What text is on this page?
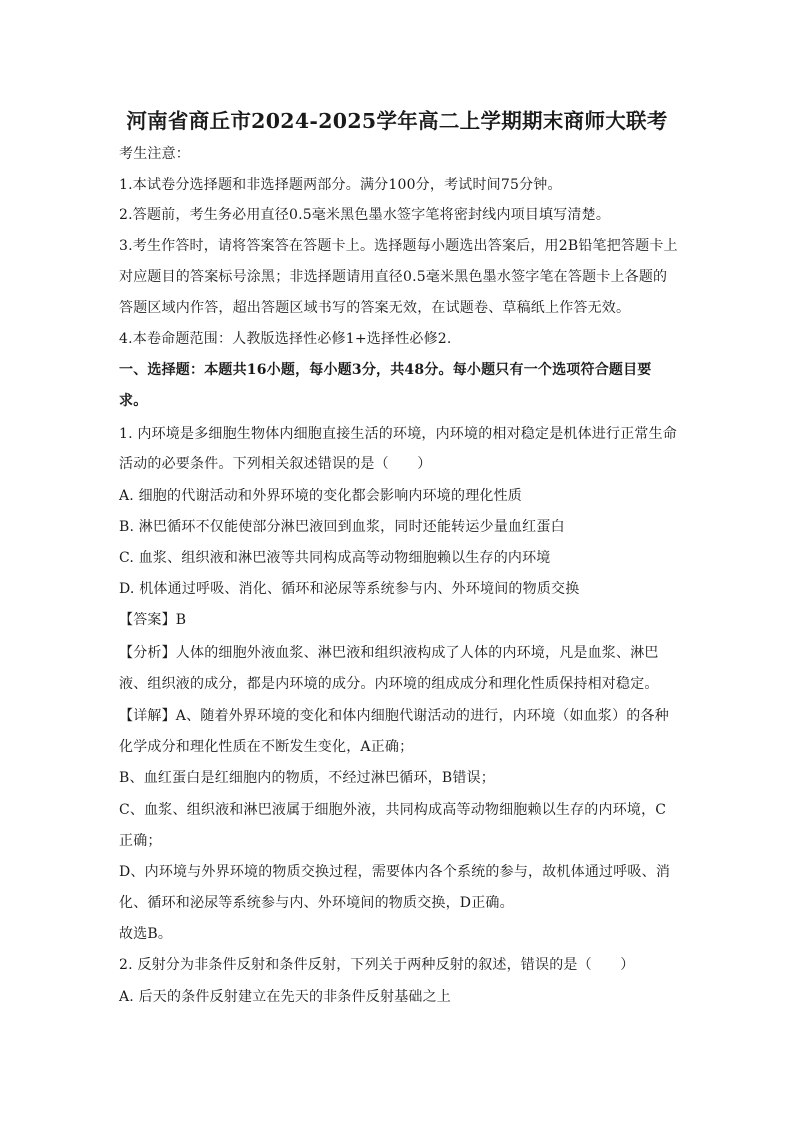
河南省商丘市2024-2025学年高二上学期期末商师大联考
考生注意：
1.本试卷分选择题和非选择题两部分。满分100分，考试时间75分钟。
2.答题前，考生务必用直径0.5毫米黑色墨水签字笔将密封线内项目填写清楚。
3.考生作答时，请将答案答在答题卡上。选择题每小题选出答案后，用2B铅笔把答题卡上
对应题目的答案标号涂黑；非选择题请用直径0.5毫米黑色墨水签字笔在答题卡上各题的
答题区域内作答，超出答题区域书写的答案无效，在试题卷、草稿纸上作答无效。
4.本卷命题范围：人教版选择性必修1+选择性必修2.
一、选择题：本题共16小题，每小题3分，共48分。每小题只有一个选项符合题目要
求。
1. 内环境是多细胞生物体内细胞直接生活的环境，内环境的相对稳定是机体进行正常生命
活动的必要条件。下列相关叙述错误的是（　　）
A. 细胞的代谢活动和外界环境的变化都会影响内环境的理化性质
B. 淋巴循环不仅能使部分淋巴液回到血浆，同时还能转运少量血红蛋白
C. 血浆、组织液和淋巴液等共同构成高等动物细胞赖以生存的内环境
D. 机体通过呼吸、消化、循环和泌尿等系统参与内、外环境间的物质交换
【答案】B
【分析】人体的细胞外液血浆、淋巴液和组织液构成了人体的内环境，凡是血浆、淋巴
液、组织液的成分，都是内环境的成分。内环境的组成成分和理化性质保持相对稳定。
【详解】A、随着外界环境的变化和体内细胞代谢活动的进行，内环境（如血浆）的各种
化学成分和理化性质在不断发生变化，A正确；
B、血红蛋白是红细胞内的物质，不经过淋巴循环，B错误；
C、血浆、组织液和淋巴液属于细胞外液，共同构成高等动物细胞赖以生存的内环境，C
正确；
D、内环境与外界环境的物质交换过程，需要体内各个系统的参与，故机体通过呼吸、消
化、循环和泌尿等系统参与内、外环境间的物质交换，D正确。
故选B。
2. 反射分为非条件反射和条件反射，下列关于两种反射的叙述，错误的是（　　）
A. 后天的条件反射建立在先天的非条件反射基础之上
